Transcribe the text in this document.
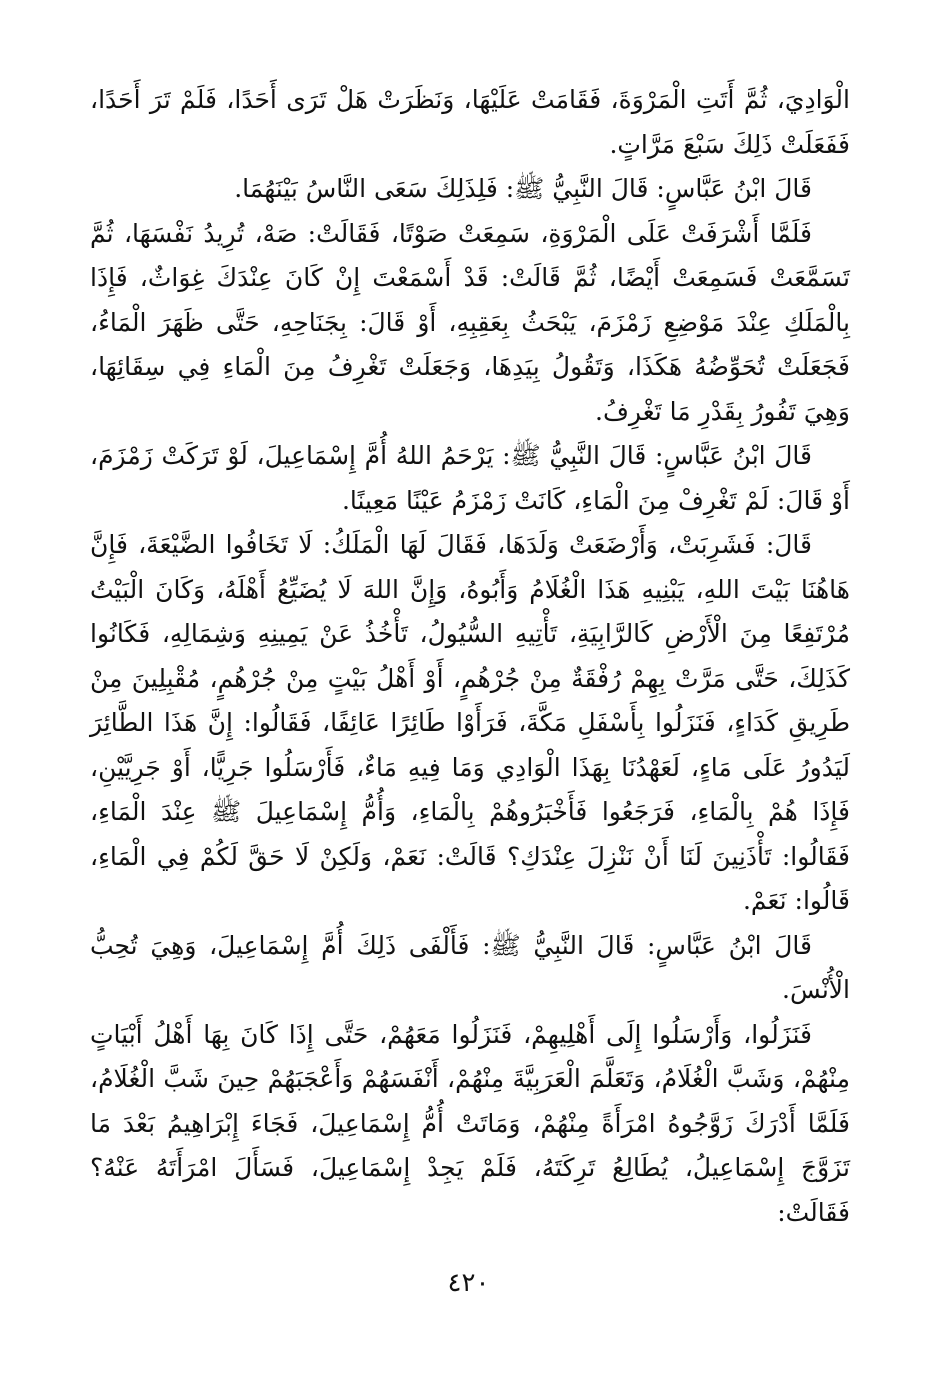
الْوَادِيَ، ثُمَّ أَتَتِ الْمَرْوَةَ، فَقَامَتْ عَلَيْهَا، وَنَظَرَتْ هَلْ تَرَى أَحَدًا، فَلَمْ تَرَ أَحَدًا، فَفَعَلَتْ ذَلِكَ سَبْعَ مَرَّاتٍ.

قَالَ ابْنُ عَبَّاسٍ: قَالَ النَّبِيُّ ﷺ: فَلِذَلِكَ سَعَى النَّاسُ بَيْنَهُمَا.

فَلَمَّا أَشْرَفَتْ عَلَى الْمَرْوَةِ، سَمِعَتْ صَوْتًا، فَقَالَتْ: صَهْ، تُرِيدُ نَفْسَهَا، ثُمَّ تَسَمَّعَتْ فَسَمِعَتْ أَيْضًا، ثُمَّ قَالَتْ: قَدْ أَسْمَعْتَ إِنْ كَانَ عِنْدَكَ غِوَاثٌ، فَإِذَا بِالْمَلَكِ عِنْدَ مَوْضِعِ زَمْزَمَ، يَبْحَثُ بِعَقِبِهِ، أَوْ قَالَ: بِجَنَاحِهِ، حَتَّى ظَهَرَ الْمَاءُ، فَجَعَلَتْ تُحَوِّضُهُ هَكَذَا، وَتَقُولُ بِيَدِهَا، وَجَعَلَتْ تَغْرِفُ مِنَ الْمَاءِ فِي سِقَائِهَا، وَهِيَ تَفُورُ بِقَدْرِ مَا تَغْرِفُ.

قَالَ ابْنُ عَبَّاسٍ: قَالَ النَّبِيُّ ﷺ: يَرْحَمُ اللهُ أُمَّ إِسْمَاعِيلَ، لَوْ تَرَكَتْ زَمْزَمَ، أَوْ قَالَ: لَمْ تَغْرِفْ مِنَ الْمَاءِ، كَانَتْ زَمْزَمُ عَيْنًا مَعِينًا.

قَالَ: فَشَرِبَتْ، وَأَرْضَعَتْ وَلَدَهَا، فَقَالَ لَهَا الْمَلَكُ: لَا تَخَافُوا الضَّيْعَةَ، فَإِنَّ هَاهُنَا بَيْتَ اللهِ، يَبْنِيهِ هَذَا الْغُلَامُ وَأَبُوهُ، وَإِنَّ اللهَ لَا يُضَيِّعُ أَهْلَهُ، وَكَانَ الْبَيْتُ مُرْتَفِعًا مِنَ الْأَرْضِ كَالرَّابِيَةِ، تَأْتِيهِ السُّيُولُ، تَأْخُذُ عَنْ يَمِينِهِ وَشِمَالِهِ، فَكَانُوا كَذَلِكَ، حَتَّى مَرَّتْ بِهِمْ رُفْقَةٌ مِنْ جُرْهُمٍ، أَوْ أَهْلُ بَيْتٍ مِنْ جُرْهُمٍ، مُقْبِلِينَ مِنْ طَرِيقِ كَدَاءٍ، فَنَزَلُوا بِأَسْفَلِ مَكَّةَ، فَرَأَوْا طَائِرًا عَائِفًا، فَقَالُوا: إِنَّ هَذَا الطَّائِرَ لَيَدُورُ عَلَى مَاءٍ، لَعَهْدُنَا بِهَذَا الْوَادِي وَمَا فِيهِ مَاءٌ، فَأَرْسَلُوا جَرِيًّا، أَوْ جَرِيَّيْنِ، فَإِذَا هُمْ بِالْمَاءِ، فَرَجَعُوا فَأَخْبَرُوهُمْ بِالْمَاءِ، وَأُمُّ إِسْمَاعِيلَ ﷺ عِنْدَ الْمَاءِ، فَقَالُوا: تَأْذَنِينَ لَنَا أَنْ نَنْزِلَ عِنْدَكِ؟ قَالَتْ: نَعَمْ، وَلَكِنْ لَا حَقَّ لَكُمْ فِي الْمَاءِ، قَالُوا: نَعَمْ.

قَالَ ابْنُ عَبَّاسٍ: قَالَ النَّبِيُّ ﷺ: فَأَلْفَى ذَلِكَ أُمَّ إِسْمَاعِيلَ، وَهِيَ تُحِبُّ الْأُنْسَ.

فَنَزَلُوا، وَأَرْسَلُوا إِلَى أَهْلِيهِمْ، فَنَزَلُوا مَعَهُمْ، حَتَّى إِذَا كَانَ بِهَا أَهْلُ أَبْيَاتٍ مِنْهُمْ، وَشَبَّ الْغُلَامُ، وَتَعَلَّمَ الْعَرَبِيَّةَ مِنْهُمْ، أَنْفَسَهُمْ وَأَعْجَبَهُمْ حِينَ شَبَّ الْغُلَامُ، فَلَمَّا أَدْرَكَ زَوَّجُوهُ امْرَأَةً مِنْهُمْ، وَمَاتَتْ أُمُّ إِسْمَاعِيلَ، فَجَاءَ إِبْرَاهِيمُ بَعْدَ مَا تَزَوَّجَ إِسْمَاعِيلُ، يُطَالِعُ تَرِكَتَهُ، فَلَمْ يَجِدْ إِسْمَاعِيلَ، فَسَأَلَ امْرَأَتَهُ عَنْهُ؟ فَقَالَتْ:

٤٢٠
